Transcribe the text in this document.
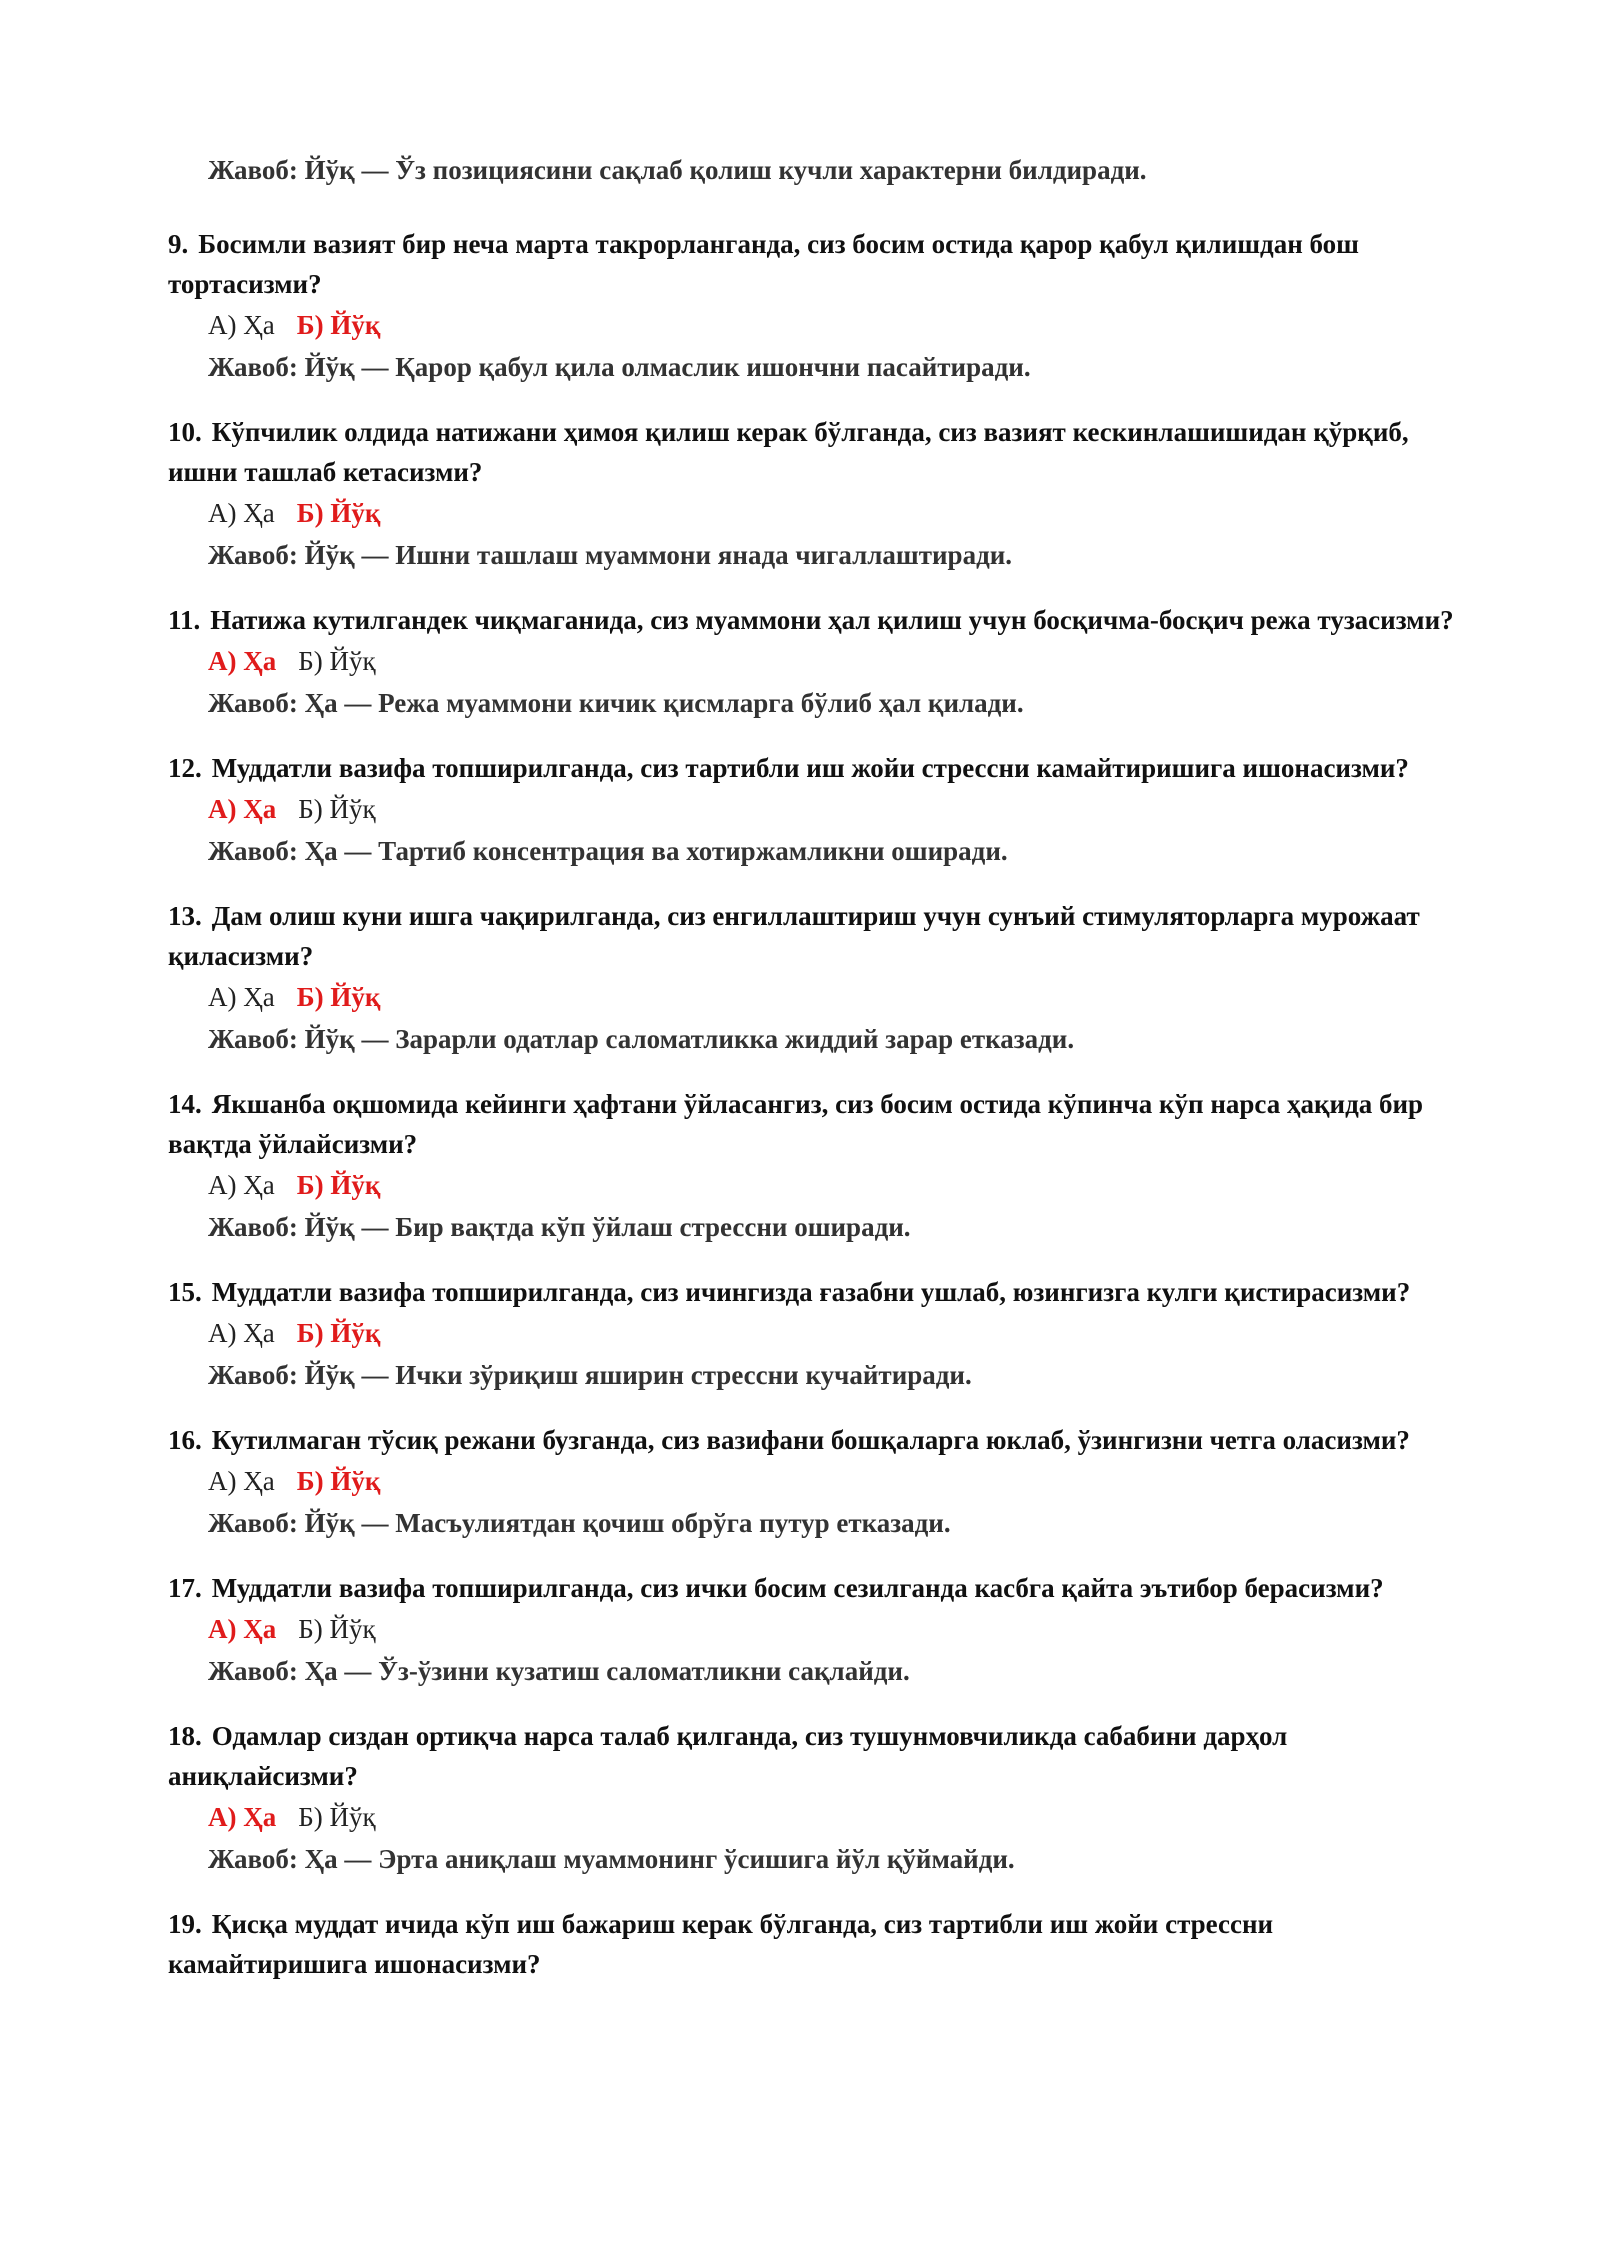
Жавоб: Йўқ — Ўз позициясини сақлаб қолиш кучли характерни билдиради.
9. Босимли вазият бир неча марта такрорланганда, сиз босим остида қарор қабул қилишдан бош тортасизми?
А) Ҳа Б) Йўқ
Жавоб: Йўқ — Қарор қабул қила олмаслик ишончни пасайтиради.
10. Кўпчилик олдида натижани ҳимоя қилиш керак бўлганда, сиз вазият кескинлашишидан қўрқиб, ишни ташлаб кетасизми?
А) Ҳа Б) Йўқ
Жавоб: Йўқ — Ишни ташлаш муаммони янада чигаллаштиради.
11. Натижа кутилгандек чиқмаганида, сиз муаммони ҳал қилиш учун босқичма-босқич режа тузасизми?
А) Ҳа Б) Йўқ
Жавоб: Ҳа — Режа муаммони кичик қисмларга бўлиб ҳал қилади.
12. Муддатли вазифа топширилганда, сиз тартибли иш жойи стрессни камайтиришига ишонасизми?
А) Ҳа Б) Йўқ
Жавоб: Ҳа — Тартиб консентрация ва хотиржамликни оширади.
13. Дам олиш куни ишга чақирилганда, сиз енгиллаштириш учун сунъий стимуляторларга мурожаат қиласизми?
А) Ҳа Б) Йўқ
Жавоб: Йўқ — Зарарли одатлар саломатликка жиддий зарар етказади.
14. Якшанба оқшомида кейинги ҳафтани ўйласангиз, сиз босим остида кўпинча кўп нарса ҳақида бир вақтда ўйлайсизми?
А) Ҳа Б) Йўқ
Жавоб: Йўқ — Бир вақтда кўп ўйлаш стрессни оширади.
15. Муддатли вазифа топширилганда, сиз ичингизда ғазабни ушлаб, юзингизга кулги қистирасизми?
А) Ҳа Б) Йўқ
Жавоб: Йўқ — Ички зўриқиш яширин стрессни кучайтиради.
16. Кутилмаган тўсиқ режани бузганда, сиз вазифани бошқаларга юклаб, ўзингизни четга оласизми?
А) Ҳа Б) Йўқ
Жавоб: Йўқ — Масъулиятдан қочиш обрўга путур етказади.
17. Муддатли вазифа топширилганда, сиз ички босим сезилганда касбга қайта эътибор берасизми?
А) Ҳа Б) Йўқ
Жавоб: Ҳа — Ўз-ўзини кузатиш саломатликни сақлайди.
18. Одамлар сиздан ортиқча нарса талаб қилганда, сиз тушунмовчиликда сабабини дарҳол аниқлайсизми?
А) Ҳа Б) Йўқ
Жавоб: Ҳа — Эрта аниқлаш муаммонинг ўсишига йўл қўймайди.
19. Қисқа муддат ичида кўп иш бажариш керак бўлганда, сиз тартибли иш жойи стрессни камайтиришига ишонасизми?
